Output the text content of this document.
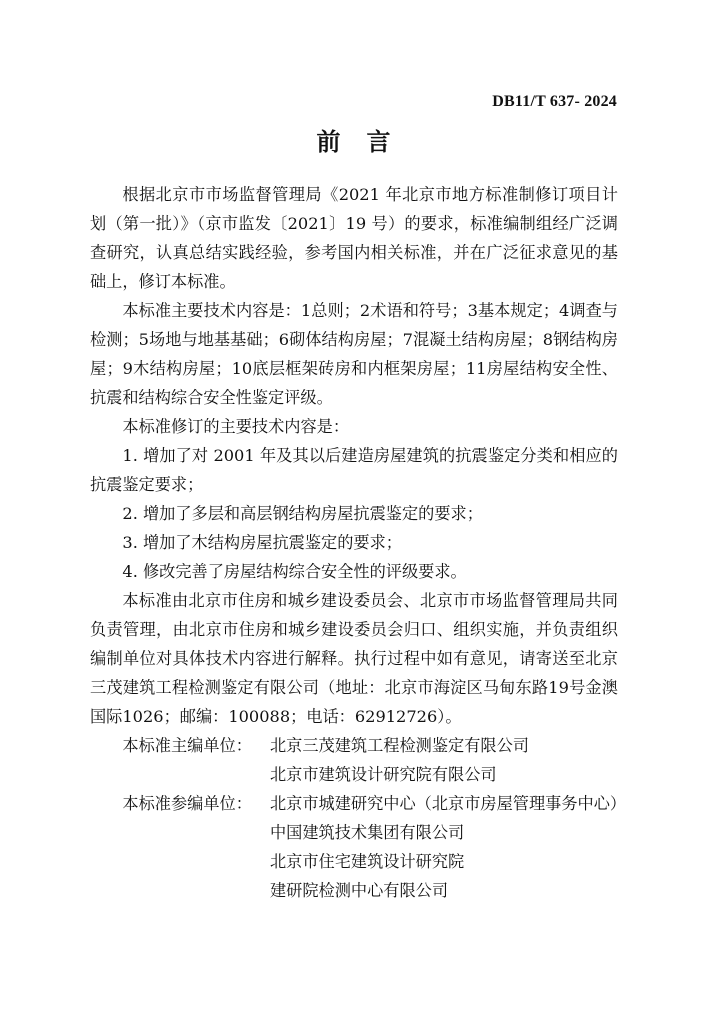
DB11/T 637- 2024
前言

根据北京市市场监督管理局《2021 年北京市地方标准制修订项目计划（第一批）》（京市监发〔2021〕19 号）的要求，标准编制组经广泛调查研究，认真总结实践经验，参考国内相关标准，并在广泛征求意见的基础上，修订本标准。

本标准主要技术内容是：1总则；2术语和符号；3基本规定；4调查与检测；5场地与地基基础；6砌体结构房屋；7混凝土结构房屋；8钢结构房屋；9木结构房屋；10底层框架砖房和内框架房屋；11房屋结构安全性、抗震和结构综合安全性鉴定评级。

本标准修订的主要技术内容是：

1. 增加了对 2001 年及其以后建造房屋建筑的抗震鉴定分类和相应的抗震鉴定要求；

2. 增加了多层和高层钢结构房屋抗震鉴定的要求；

3. 增加了木结构房屋抗震鉴定的要求；

4. 修改完善了房屋结构综合安全性的评级要求。

本标准由北京市住房和城乡建设委员会、北京市市场监督管理局共同负责管理，由北京市住房和城乡建设委员会归口、组织实施，并负责组织编制单位对具体技术内容进行解释。执行过程中如有意见，请寄送至北京三茂建筑工程检测鉴定有限公司（地址：北京市海淀区马甸东路19号金澳国际1026；邮编：100088；电话：62912726）。

本标准主编单位：	北京三茂建筑工程检测鉴定有限公司
北京市建筑设计研究院有限公司
本标准参编单位：	北京市城建研究中心（北京市房屋管理事务中心）
中国建筑技术集团有限公司
北京市住宅建筑设计研究院
建研院检测中心有限公司
